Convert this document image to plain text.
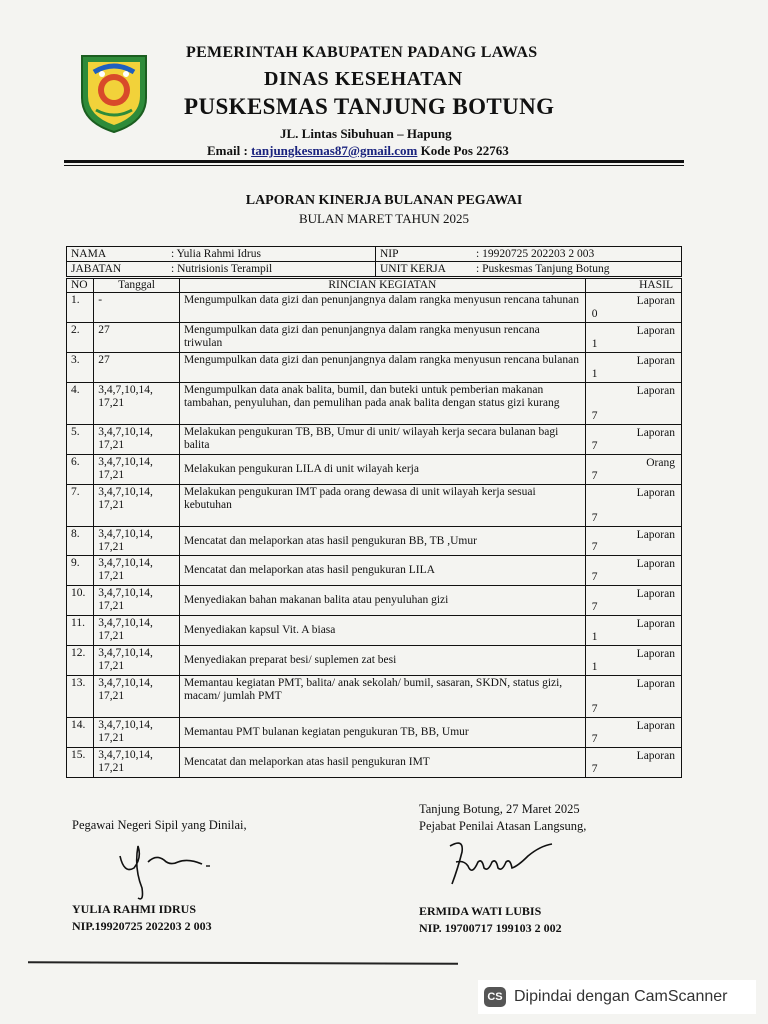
PEMERINTAH KABUPATEN PADANG LAWAS
DINAS KESEHATAN
PUSKESMAS TANJUNG BOTUNG
JL. Lintas Sibuhuan – Hapung
Email : tanjungkesmas87@gmail.com Kode Pos 22763
LAPORAN KINERJA BULANAN PEGAWAI
BULAN MARET TAHUN 2025
NAMA : Yulia Rahmi Idrus	NIP : 19920725 202203 2 003
JABATAN : Nutrisionis Terampil	UNIT KERJA : Puskesmas Tanjung Botung
NO	Tanggal	RINCIAN KEGIATAN	HASIL
1.	-	Mengumpulkan data gizi dan penunjangnya dalam rangka menyusun rencana tahunan	Laporan
0

2.	27	Mengumpulkan data gizi dan penunjangnya dalam rangka menyusun rencana triwulan	Laporan
1

3.	27	Mengumpulkan data gizi dan penunjangnya dalam rangka menyusun rencana bulanan	Laporan
1

4.	3,4,7,10,14, 17,21	Mengumpulkan data anak balita, bumil, dan buteki untuk pemberian makanan tambahan, penyuluhan, dan pemulihan pada anak balita dengan status gizi kurang	Laporan
7

5.	3,4,7,10,14, 17,21	Melakukan pengukuran TB, BB, Umur di unit/ wilayah kerja secara bulanan bagi balita	Laporan
7

6.	3,4,7,10,14, 17,21	Melakukan pengukuran LILA di unit wilayah kerja	Orang
7

7.	3,4,7,10,14, 17,21	Melakukan pengukuran IMT pada orang dewasa di unit wilayah kerja sesuai kebutuhan	Laporan
7

8.	3,4,7,10,14, 17,21	Mencatat dan melaporkan atas hasil pengukuran BB, TB ,Umur	Laporan
7

9.	3,4,7,10,14, 17,21	Mencatat dan melaporkan atas hasil pengukuran LILA	Laporan
7

10.	3,4,7,10,14, 17,21	Menyediakan bahan makanan balita atau penyuluhan gizi	Laporan
7

11.	3,4,7,10,14, 17,21	Menyediakan kapsul Vit. A biasa	Laporan
1

12.	3,4,7,10,14, 17,21	Menyediakan preparat besi/ suplemen zat besi	Laporan
1

13.	3,4,7,10,14, 17,21	Memantau kegiatan PMT, balita/ anak sekolah/ bumil, sasaran, SKDN, status gizi, macam/ jumlah PMT	Laporan
7

14.	3,4,7,10,14, 17,21	Memantau PMT bulanan kegiatan pengukuran TB, BB, Umur	Laporan
7

15.	3,4,7,10,14, 17,21	Mencatat dan melaporkan atas hasil pengukuran IMT	Laporan
7
Pegawai Negeri Sipil yang Dinilai,
YULIA RAHMI IDRUS
NIP.19920725 202203 2 003
Tanjung Botung, 27 Maret 2025
Pejabat Penilai Atasan Langsung,
ERMIDA WATI LUBIS
NIP. 19700717 199103 2 002
CS Dipindai dengan CamScanner
